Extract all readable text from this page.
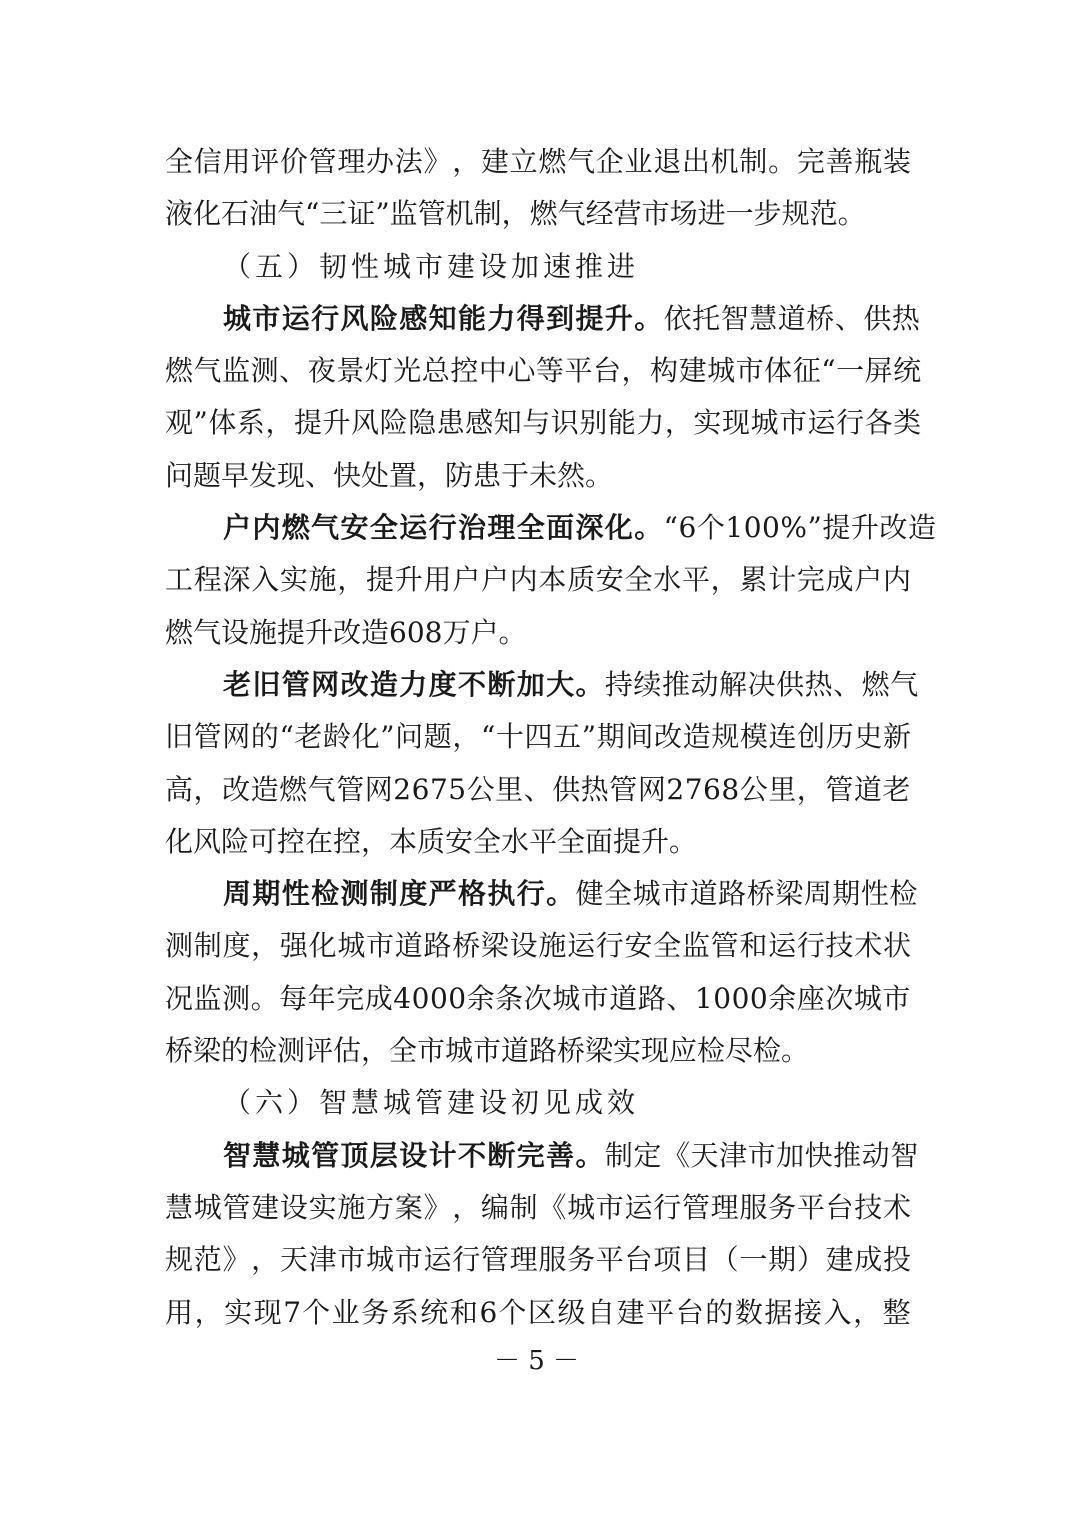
全 信 用 评 价 管 理 办 法 》 ， 建 立 燃 气 企 业 退 出 机 制 。 完 善 瓶 装
液化石油气“三证”监管机制，燃气经营市场进一步规范。
（五）韧性城市建设加速推进
城 市 运 行 风 险 感 知 能 力 得 到 提 升 。 依 托 智 慧 道 桥 、 供 热
燃 气 监 测 、 夜 景 灯 光 总 控 中 心 等 平 台 ， 构 建 城 市 体 征 “ 一 屏 统
观 ” 体 系 ， 提 升 风 险 隐 患 感 知 与 识 别 能 力 ， 实 现 城 市 运 行 各 类
问题早发现、快处置，防患于未然。
户 内 燃 气 安 全 运 行 治 理 全 面 深 化 。 “ 6 个 1 0 0 % ” 提 升 改 造
工 程 深 入 实 施 ， 提 升 用 户 户 内 本 质 安 全 水 平 ， 累 计 完 成 户 内
燃气设施提升改造608万户。
老 旧 管 网 改 造 力 度 不 断 加 大 。 持 续 推 动 解 决 供 热 、 燃 气
旧 管 网 的 “ 老 龄 化 ” 问 题 ， “ 十 四 五 ” 期 间 改 造 规 模 连 创 历 史 新
高 ， 改 造 燃 气 管 网 2 6 7 5 公 里 、 供 热 管 网 2 7 6 8 公 里 ， 管 道 老
化风险可控在控，本质安全水平全面提升。
周 期 性 检 测 制 度 严 格 执 行 。 健 全 城 市 道 路 桥 梁 周 期 性 检
测 制 度 ， 强 化 城 市 道 路 桥 梁 设 施 运 行 安 全 监 管 和 运 行 技 术 状
况 监 测 。 每 年 完 成 4 0 0 0 余 条 次 城 市 道 路 、 1 0 0 0 余 座 次 城 市
桥梁的检测评估，全市城市道路桥梁实现应检尽检。
（六）智慧城管建设初见成效
智 慧 城 管 顶 层 设 计 不 断 完 善 。 制 定 《 天 津 市 加 快 推 动 智
慧 城 管 建 设 实 施 方 案 》 ， 编 制 《 城 市 运 行 管 理 服 务 平 台 技 术
规 范 》 ， 天 津 市 城 市 运 行 管 理 服 务 平 台 项 目 （ 一 期 ） 建 成 投
用 ， 实 现 7 个 业 务 系 统 和 6 个 区 级 自 建 平 台 的 数 据 接 入 ， 整
－ 5 －
